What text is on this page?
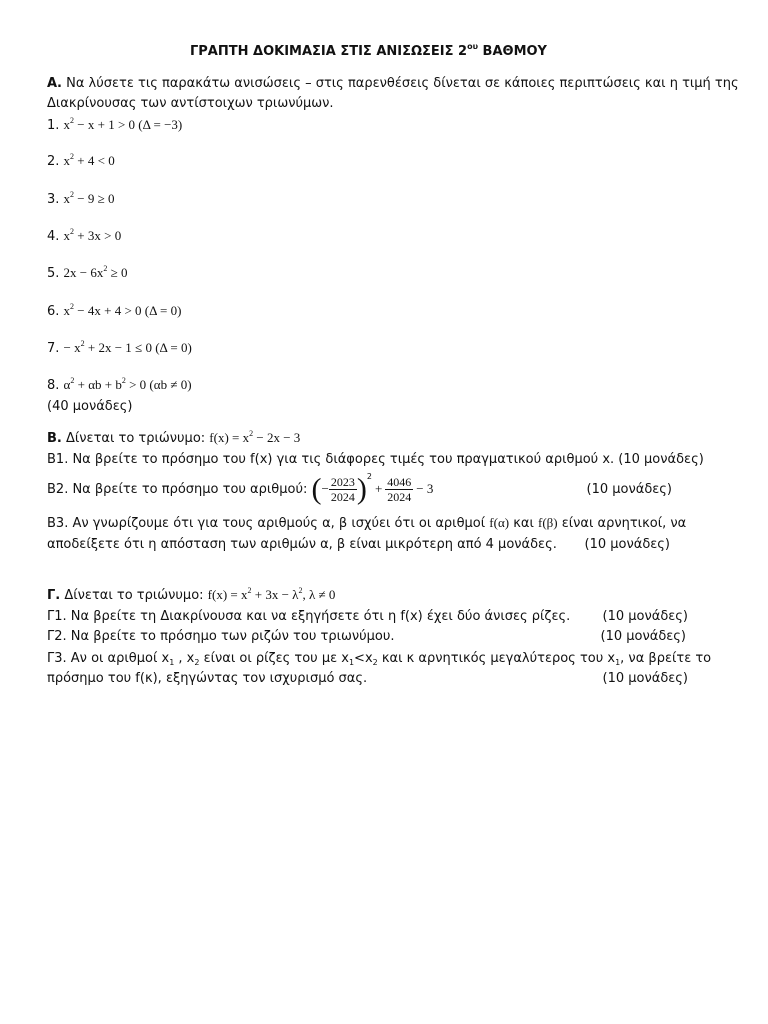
ΓΡΑΠΤΗ ΔΟΚΙΜΑΣΙΑ ΣΤΙΣ ΑΝΙΣΩΣΕΙΣ $2^{o\upsilon}$ ΒΑΘΜΟΥ
Α. Να λύσετε τις παρακάτω ανισώσεις – στις παρενθέσεις δίνεται σε κάποιες περιπτώσεις και η τιμή της
Διακρίνουσας των αντίστοιχων τριωνύμων.
1. $x^2 - x + 1 > 0$ (Δ = −3)
2. $x^2 + 4 < 0$
3. $x^2 - 9 \ge 0$
4. $x^2 + 3x > 0$
5. $2x - 6x^2 \ge 0$
6. $x^2 - 4x + 4 > 0$ (Δ = 0)
7. − $x^2 + 2x - 1 \le 0$ (Δ = 0)
8. $\alpha^2 + \alpha b + b^2 > 0$ (αb ≠ 0)
(40 μονάδες)
Β. Δίνεται το τριώνυμο: $f(x) = x^2 - 2x - 3$
Β1. Να βρείτε το πρόσημο του f(x) για τις διάφορες τιμές του πραγματικού αριθμού x. (10 μονάδες)
Β2. Να βρείτε το πρόσημο του αριθμού: (− $\frac{2023}{2024} )^2+ \frac{4046}{2024} - 3$	(10 μονάδες)
Β3. Αν γνωρίζουμε ότι για τους αριθμούς α, β ισχύει ότι οι αριθμοί f(α) και f(β) είναι αρνητικοί, να
αποδείξετε ότι η απόσταση των αριθμών α, β είναι μικρότερη από 4 μονάδες. (10 μονάδες)
Γ. Δίνεται το τριώνυμο: $f(x) = x^2 + 3x - \lambda^2$, λ ≠ 0
Γ1. Να βρείτε τη Διακρίνουσα και να εξηγήσετε ότι η f(x) έχει δύο άνισες ρίζες. (10 μονάδες)
Γ2. Να βρείτε το πρόσημο των ριζών του τριωνύμου.	(10 μονάδες)
Γ3. Αν οι αριθμοί $x_1$ , $x_2$ είναι οι ρίζες του με $x_1<x_2$ και κ αρνητικός μεγαλύτερος του $x_1$, να βρείτε το
πρόσημο του f(κ), εξηγώντας τον ισχυρισμό σας.	(10 μονάδες)
